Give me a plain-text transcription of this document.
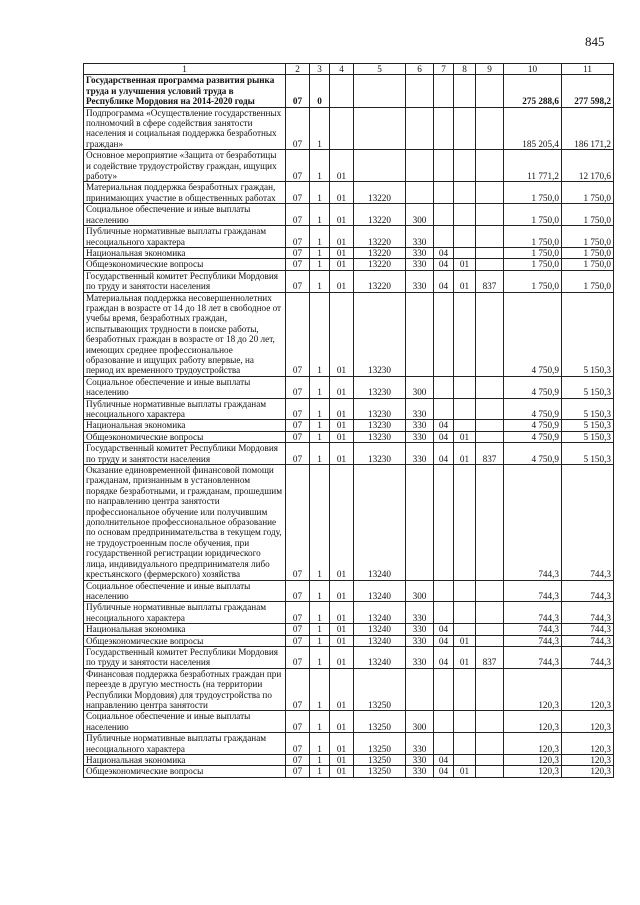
845
1	2	3	4	5	6	7	8	9	10	11
Государственная программа развития рынка труда и улучшения условий труда в Республике Мордовия на 2014-2020 годы	07	0							275 288,6	277 598,2
Подпрограмма «Осуществление государственных полномочий в сфере содействия занятости населения и социальная поддержка безработных граждан»	07	1							185 205,4	186 171,2
Основное мероприятие «Защита от безработицы и содействие трудоустройству граждан, ищущих работу»	07	1	01						11 771,2	12 170,6
Материальная поддержка безработных граждан, принимающих участие в общественных работах	07	1	01	13220					1 750,0	1 750,0
Социальное обеспечение и иные выплаты населению	07	1	01	13220	300				1 750,0	1 750,0
Публичные нормативные выплаты гражданам несоциального характера	07	1	01	13220	330				1 750,0	1 750,0
Национальная экономика	07	1	01	13220	330	04			1 750,0	1 750,0
Общеэкономические вопросы	07	1	01	13220	330	04	01		1 750,0	1 750,0
Государственный комитет Республики Мордовия по труду и занятости населения	07	1	01	13220	330	04	01	837	1 750,0	1 750,0
Материальная поддержка несовершеннолетних граждан в возрасте от 14 до 18 лет в свободное от учебы время, безработных граждан, испытывающих трудности в поиске работы, безработных граждан в возрасте от 18 до 20 лет, имеющих среднее профессиональное образование и ищущих работу впервые, на период их временного трудоустройства	07	1	01	13230					4 750,9	5 150,3
Социальное обеспечение и иные выплаты населению	07	1	01	13230	300				4 750,9	5 150,3
Публичные нормативные выплаты гражданам несоциального характера	07	1	01	13230	330				4 750,9	5 150,3
Национальная экономика	07	1	01	13230	330	04			4 750,9	5 150,3
Общеэкономические вопросы	07	1	01	13230	330	04	01		4 750,9	5 150,3
Государственный комитет Республики Мордовия по труду и занятости населения	07	1	01	13230	330	04	01	837	4 750,9	5 150,3
Оказание единовременной финансовой помощи гражданам, признанным в установленном порядке безработными, и гражданам, прошедшим по направлению центра занятости профессиональное обучение или получившим дополнительное профессиональное образование по основам предпринимательства в текущем году, не трудоустроенным после обучения, при государственной регистрации юридического лица, индивидуального предпринимателя либо крестьянского (фермерского) хозяйства	07	1	01	13240					744,3	744,3
Социальное обеспечение и иные выплаты населению	07	1	01	13240	300				744,3	744,3
Публичные нормативные выплаты гражданам несоциального характера	07	1	01	13240	330				744,3	744,3
Национальная экономика	07	1	01	13240	330	04			744,3	744,3
Общеэкономические вопросы	07	1	01	13240	330	04	01		744,3	744,3
Государственный комитет Республики Мордовия по труду и занятости населения	07	1	01	13240	330	04	01	837	744,3	744,3
Финансовая поддержка безработных граждан при переезде в другую местность (на территории Республики Мордовия) для трудоустройства по направлению центра занятости	07	1	01	13250					120,3	120,3
Социальное обеспечение и иные выплаты населению	07	1	01	13250	300				120,3	120,3
Публичные нормативные выплаты гражданам несоциального характера	07	1	01	13250	330				120,3	120,3
Национальная экономика	07	1	01	13250	330	04			120,3	120,3
Общеэкономические вопросы	07	1	01	13250	330	04	01		120,3	120,3
